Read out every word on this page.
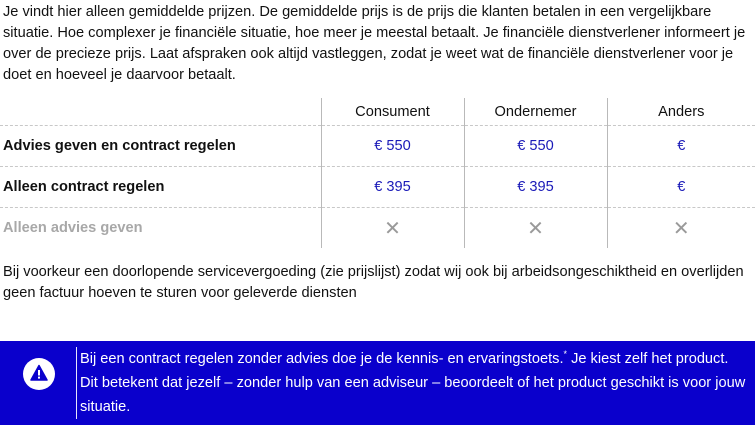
Je vindt hier alleen gemiddelde prijzen. De gemiddelde prijs is de prijs die klanten betalen in een vergelijkbare situatie. Hoe complexer je financiële situatie, hoe meer je meestal betaalt. Je financiële dienstverlener informeert je over de precieze prijs. Laat afspraken ook altijd vastleggen, zodat je weet wat de financiële dienstverlener voor je doet en hoeveel je daarvoor betaalt.

	Consument	Ondernemer	Anders
Advies geven en contract regelen	€ 550	€ 550	€
Alleen contract regelen	€ 395	€ 395	€
Alleen advies geven	✕	✕	✕

Bij voorkeur een doorlopende servicevergoeding (zie prijslijst) zodat wij ook bij arbeidsongeschiktheid en overlijden geen factuur hoeven te sturen voor geleverde diensten

Bij een contract regelen zonder advies doe je de kennis- en ervaringstoets.* Je kiest zelf het product. Dit betekent dat jezelf – zonder hulp van een adviseur – beoordeelt of het product geschikt is voor jouw situatie.
